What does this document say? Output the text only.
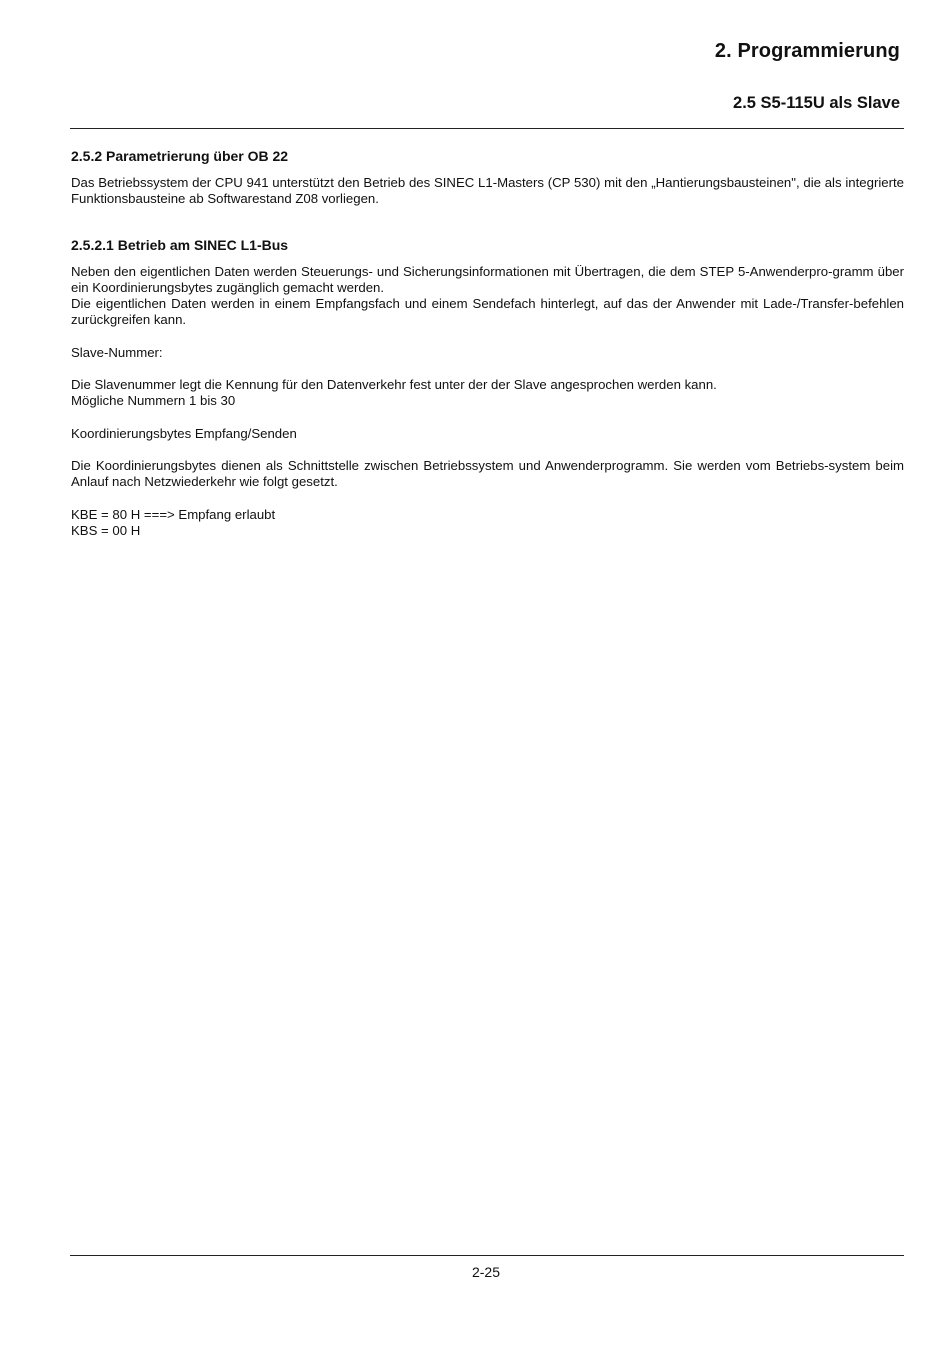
2. Programmierung
2.5 S5-115U als Slave
2.5.2 Parametrierung über OB 22

Das Betriebssystem der CPU 941 unterstützt den Betrieb des SINEC L1-Masters (CP 530) mit den „Hantierungsbausteinen", die als integrierte Funktionsbausteine ab Softwarestand Z08 vorliegen.

2.5.2.1 Betrieb am SINEC L1-Bus

Neben den eigentlichen Daten werden Steuerungs- und Sicherungsinformationen mit Übertragen, die dem STEP 5-Anwenderpro-gramm über ein Koordinierungsbytes zugänglich gemacht werden.

Die eigentlichen Daten werden in einem Empfangsfach und einem Sendefach hinterlegt, auf das der Anwender mit Lade-/Transfer-befehlen zurückgreifen kann.

Slave-Nummer:

Die Slavenummer legt die Kennung für den Datenverkehr fest unter der der Slave angesprochen werden kann.

Mögliche Nummern 1 bis 30

Koordinierungsbytes Empfang/Senden

Die Koordinierungsbytes dienen als Schnittstelle zwischen Betriebssystem und Anwenderprogramm. Sie werden vom Betriebs-system beim Anlauf nach Netzwiederkehr wie folgt gesetzt.

KBE = 80 H ===> Empfang erlaubt

KBS = 00 H

2-25
